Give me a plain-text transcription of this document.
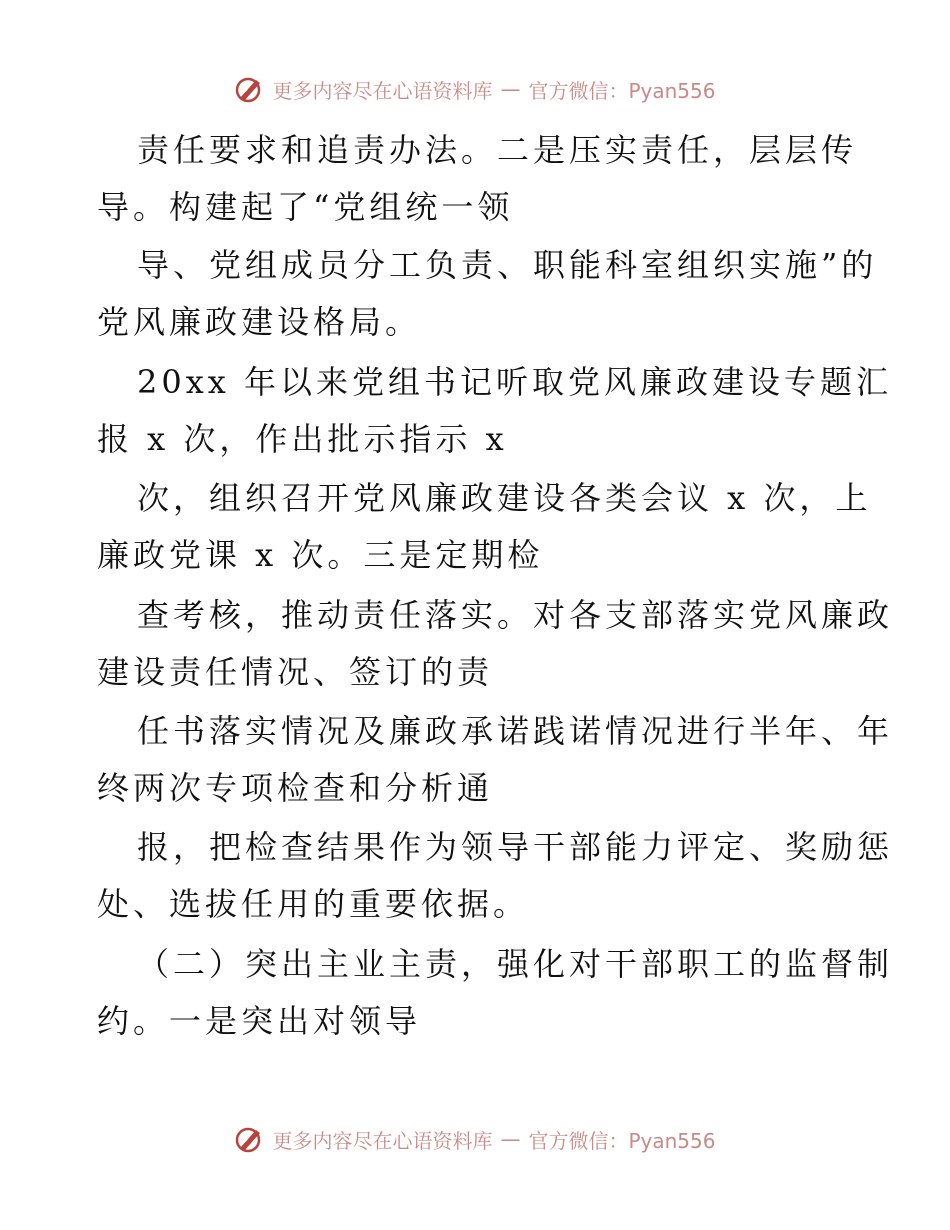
更多内容尽在心语资料库 — 官方微信：Pyan556
责任要求和追责办法。二是压实责任，层层传
导。构建起了“党组统一领
导、党组成员分工负责、职能科室组织实施”的
党风廉政建设格局。
20xx 年以来党组书记听取党风廉政建设专题汇
报 x 次，作出批示指示 x
次，组织召开党风廉政建设各类会议 x 次，上
廉政党课 x 次。三是定期检
查考核，推动责任落实。对各支部落实党风廉政
建设责任情况、签订的责
任书落实情况及廉政承诺践诺情况进行半年、年
终两次专项检查和分析通
报，把检查结果作为领导干部能力评定、奖励惩
处、选拔任用的重要依据。
（二）突出主业主责，强化对干部职工的监督制
约。一是突出对领导
更多内容尽在心语资料库 — 官方微信：Pyan556
